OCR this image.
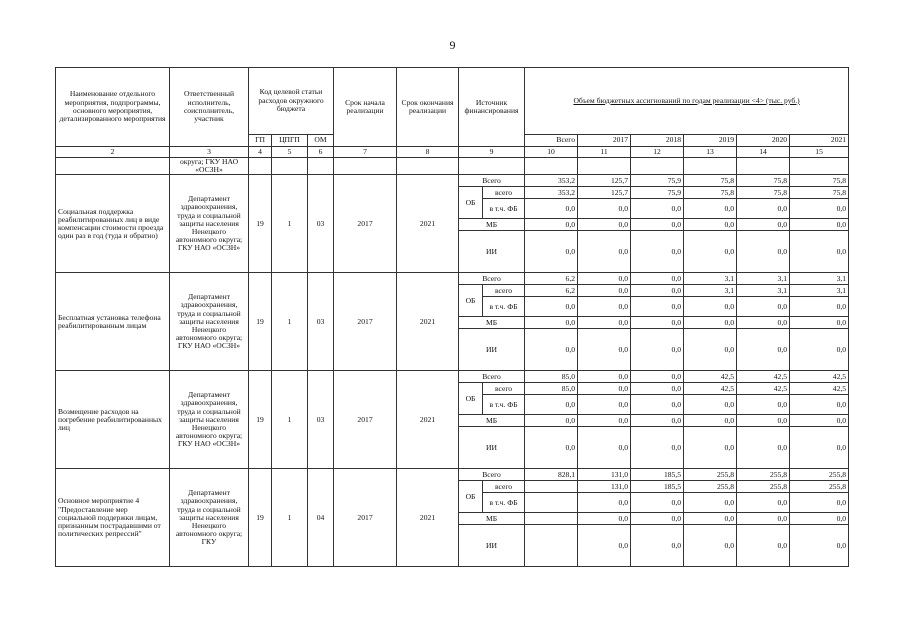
9
Наименование отдельного мероприятия, подпрограммы, основного мероприятия, детализированного мероприятия	Ответственный исполнитель, соисполнитель, участник	Код целевой статьи расходов окружного бюджета			Срок начала реализации	Срок окончания реализации	Источник финансирования		Объем бюджетных ассигнований по годам реализации <4> (тыс. руб.)					
		ГП	ЦПГП	ОМ					Всего	2017	2018	2019	2020	2021
2	3	4	5	6	7	8	9		10	11	12	13	14	15
	округа; ГКУ НАО «ОСЗН»													
Социальная поддержка реабилитированных лиц в виде компенсации стоимости проезда один раз в год (туда и обратно)	Департамент здравоохранения, труда и социальной защиты населения Ненецкого автономного округа; ГКУ НАО «ОСЗН»	19	1	03	2017	2021	Всего		353,2	125,7	75,9	75,8	75,8	75,8
							ОБ	всего	353,2	125,7	75,9	75,8	75,8	75,8
								в т.ч. ФБ	0,0	0,0	0,0	0,0	0,0	0,0
							МБ		0,0	0,0	0,0	0,0	0,0	0,0
							ИИ		0,0	0,0	0,0	0,0	0,0	0,0
Бесплатная установка телефона реабилитированным лицам	Департамент здравоохранения, труда и социальной защиты населения Ненецкого автономного округа; ГКУ НАО «ОСЗН»	19	1	03	2017	2021	Всего		6,2	0,0	0,0	3,1	3,1	3,1
							ОБ	всего	6,2	0,0	0,0	3,1	3,1	3,1
								в т.ч. ФБ	0,0	0,0	0,0	0,0	0,0	0,0
							МБ		0,0	0,0	0,0	0,0	0,0	0,0
							ИИ		0,0	0,0	0,0	0,0	0,0	0,0
Возмещение расходов на погребение реабилитированных лиц	Департамент здравоохранения, труда и социальной защиты населения Ненецкого автономного округа; ГКУ НАО «ОСЗН»	19	1	03	2017	2021	Всего		85,0	0,0	0,0	42,5	42,5	42,5
							ОБ	всего	85,0	0,0	0,0	42,5	42,5	42,5
								в т.ч. ФБ	0,0	0,0	0,0	0,0	0,0	0,0
							МБ		0,0	0,0	0,0	0,0	0,0	0,0
							ИИ		0,0	0,0	0,0	0,0	0,0	0,0
Основное мероприятие 4 "Предоставление мер социальной поддержки лицам, признанным пострадавшими от политических репрессий"	Департамент здравоохранения, труда и социальной защиты населения Ненецкого автономного округа; ГКУ	19	1	04	2017	2021	Всего		828,1	131,0	185,5	255,8	255,8	255,8
							ОБ	всего		131,0	185,5	255,8	255,8	255,8
								в т.ч. ФБ		0,0	0,0	0,0	0,0	0,0
							МБ			0,0	0,0	0,0	0,0	0,0
							ИИ			0,0	0,0	0,0	0,0	0,0
